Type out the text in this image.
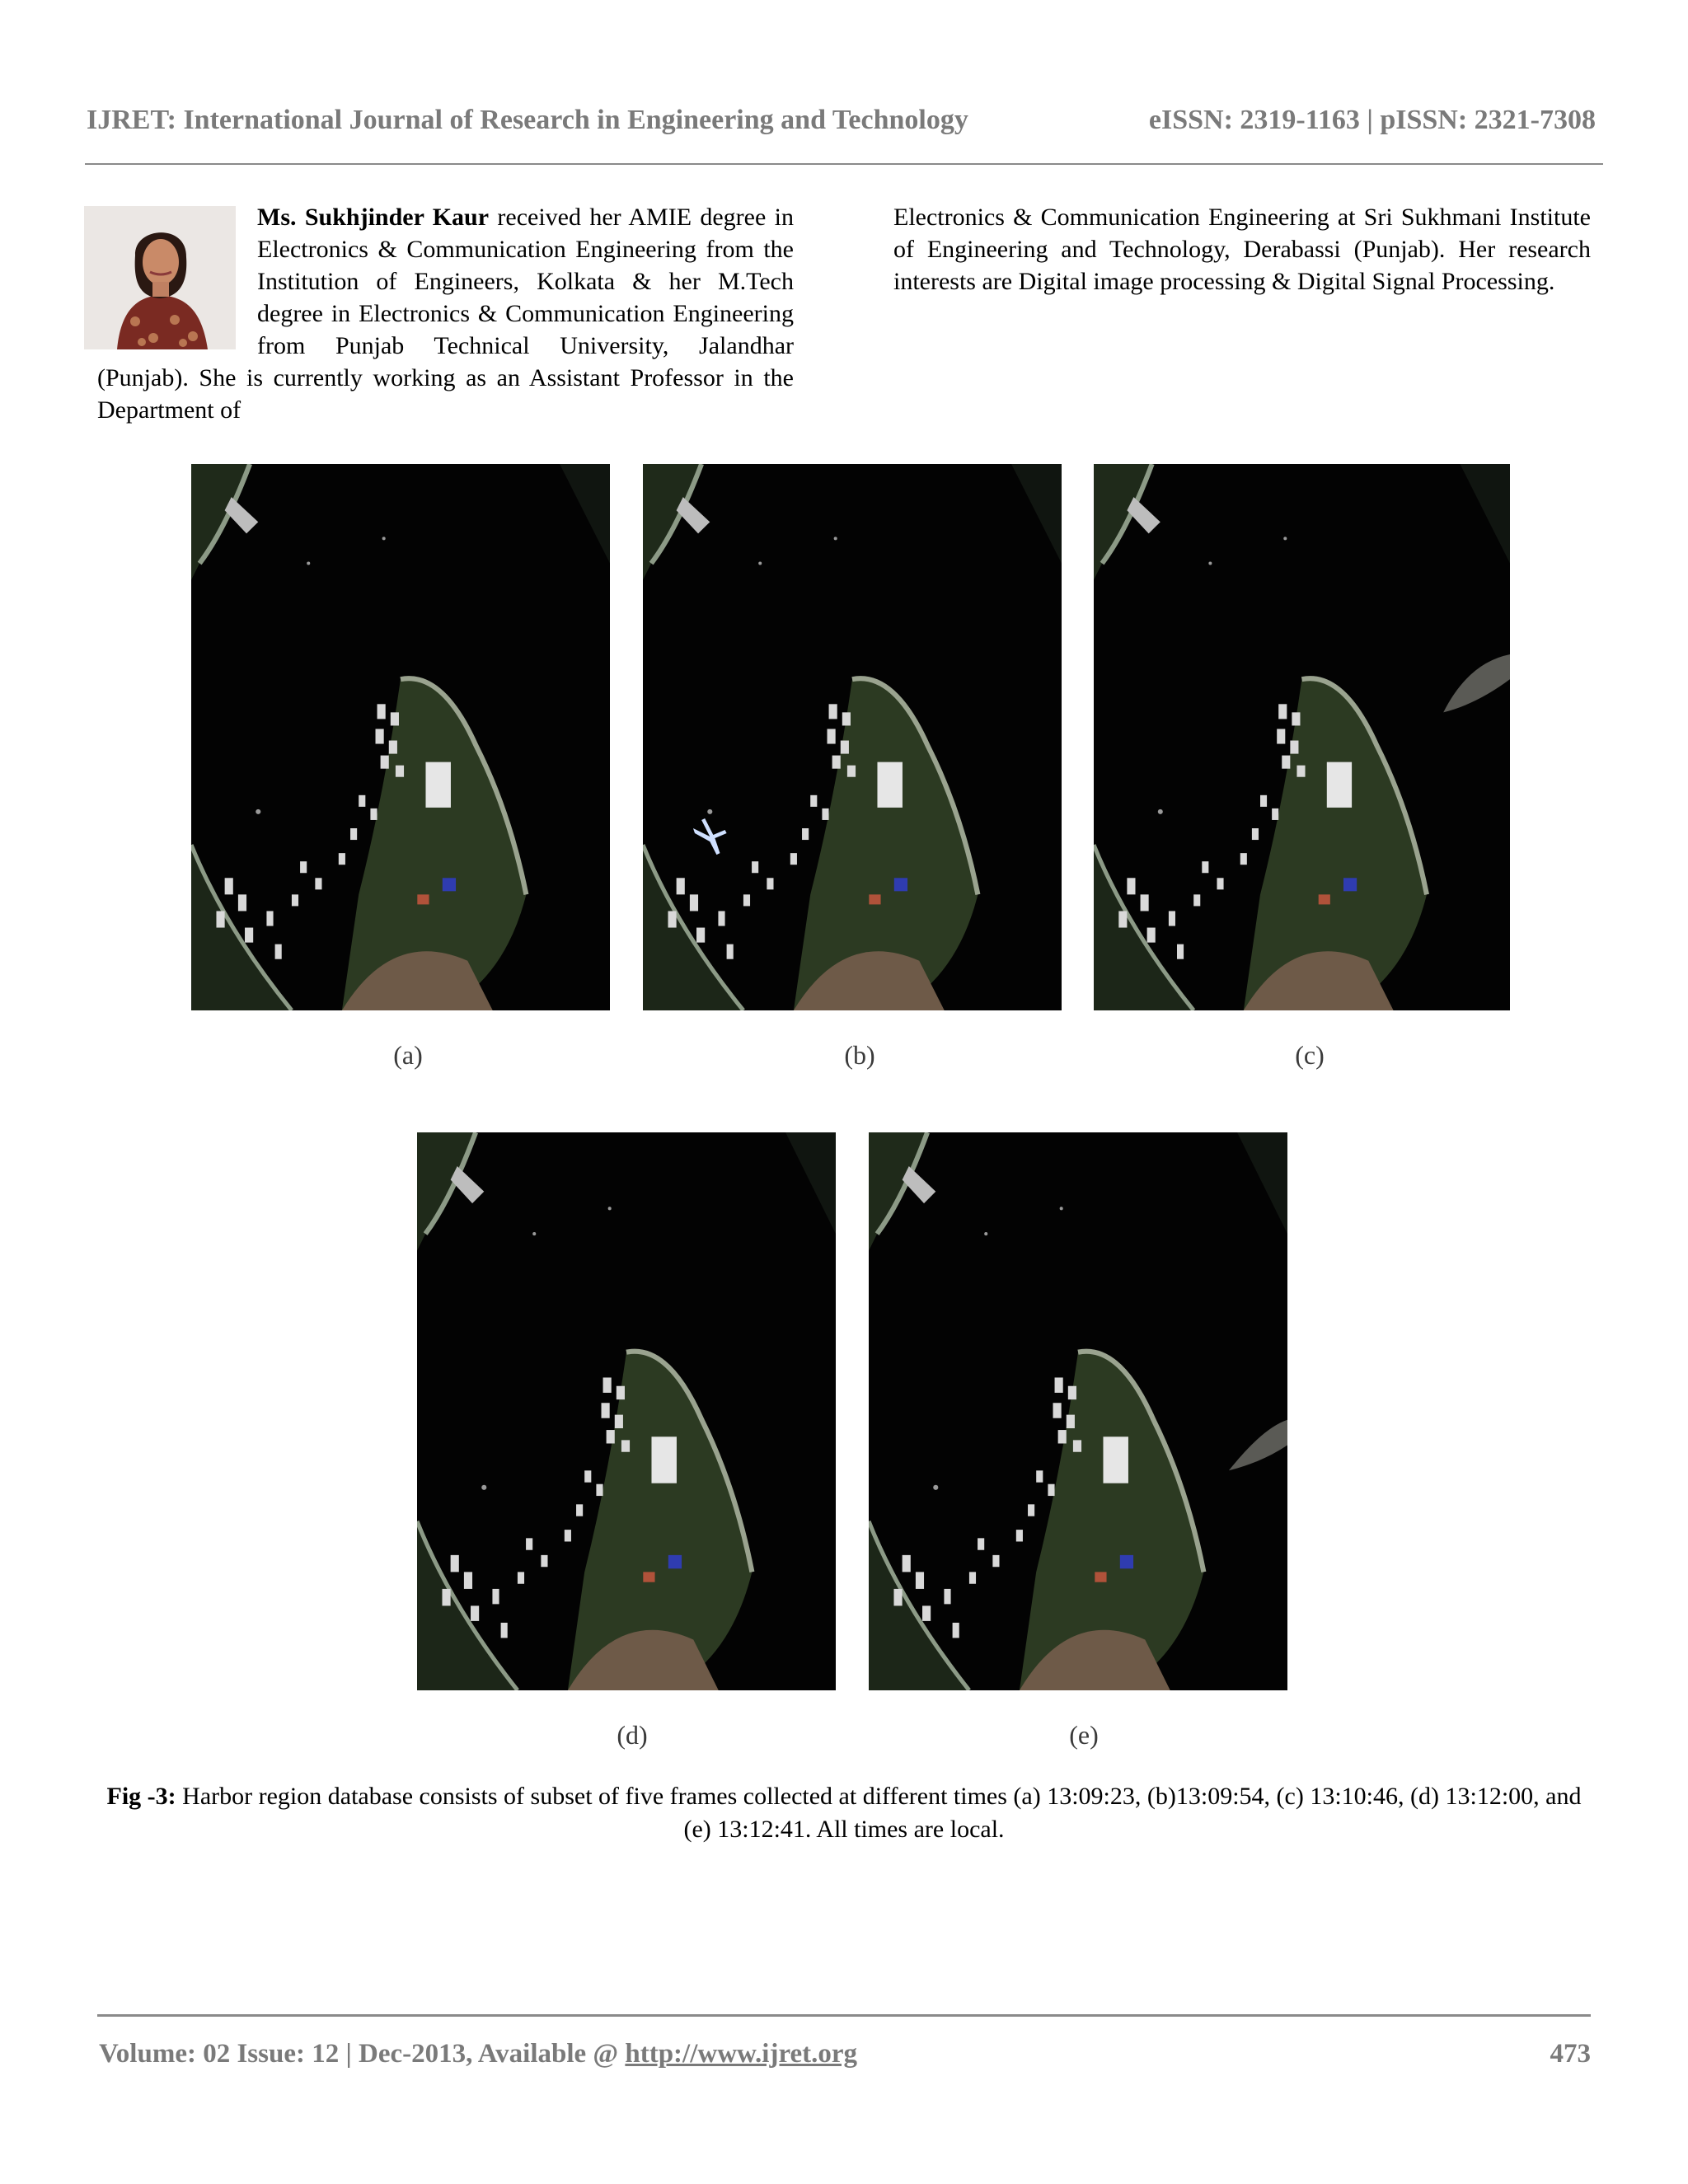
IJRET: International Journal of Research in Engineering and Technology	eISSN: 2319-1163 | pISSN: 2321-7308
Ms. Sukhjinder Kaur received her AMIE degree in Electronics & Communication Engineering from the Institution of Engineers, Kolkata & her M.Tech degree in Electronics & Communication Engineering from Punjab Technical University, Jalandhar (Punjab). She is currently working as an Assistant Professor in the Department of
Electronics & Communication Engineering at Sri Sukhmani Institute of Engineering and Technology, Derabassi (Punjab). Her research interests are Digital image processing & Digital Signal Processing.
(a)	(b)	(c)
(d)	(e)
Fig -3: Harbor region database consists of subset of five frames collected at different times (a) 13:09:23, (b)13:09:54, (c) 13:10:46, (d) 13:12:00, and (e) 13:12:41. All times are local.
Volume: 02 Issue: 12 | Dec-2013, Available @ http://www.ijret.org	473
